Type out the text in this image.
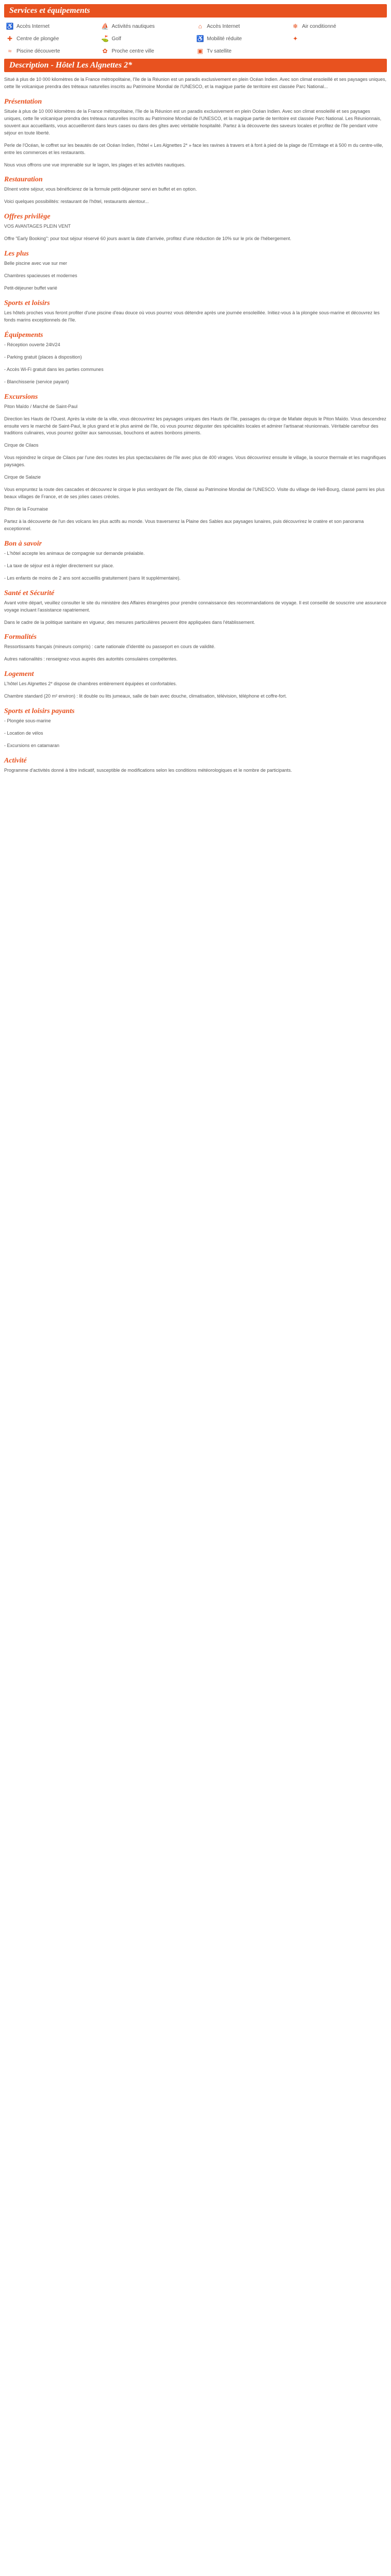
Services et équipements
♿ Accès Internet	⛵ Activités nautiques	⌂ Accès Internet	❄ Air conditionné
✚ Centre de plongée	⛳ Golf	♿ Mobilité réduite	✦
≈ Piscine découverte	✿ Proche centre ville	▣ Tv satellite
Description - Hôtel Les Algnettes 2*

Situé à plus de 10 000 kilomètres de la France métropolitaine, l'île de la Réunion est un paradis exclusivement en plein Océan Indien. Avec son climat ensoleillé et ses paysages uniques, cette île volcanique prendra des tréteaux naturelles inscrits au Patrimoine Mondial de l'UNESCO, et la magique partie de territoire est classée Parc National...

Présentation

Située à plus de 10 000 kilomètres de la France métropolitaine, l'île de la Réunion est un paradis exclusivement en plein Océan Indien. Avec son climat ensoleillé et ses paysages uniques, cette île volcanique prendra des tréteaux naturelles inscrits au Patrimoine Mondial de l'UNESCO, et la magique partie de territoire est classée Parc National. Les Réunionnais, souvent aux accueillants, vous accueilleront dans leurs cases ou dans des gîtes avec véritable hospitalité. Partez à la découverte des saveurs locales et profitez de l'île pendant votre séjour en toute liberté.

Perle de l'Océan, le coffret sur les beautés de cet Océan Indien, l'hôtel « Les Algnettes 2* » face les ravines à travers et à font à pied de la plage de l'Ermitage et à 500 m du centre-ville, entre les commerces et les restaurants.

Nous vous offrons une vue imprenable sur le lagon, les plages et les activités nautiques.

Restauration

Dînent votre séjour, vous bénéficierez de la formule petit-déjeuner servi en buffet et en option.

Voici quelques possibilités: restaurant de l'hôtel, restaurants alentour...

Offres privilège

VOS AVANTAGES PLEIN VENT

Offre "Early Booking": pour tout séjour réservé 60 jours avant la date d'arrivée, profitez d'une réduction de 10% sur le prix de l'hébergement.

Les plus

Belle piscine avec vue sur mer

Chambres spacieuses et modernes

Petit-déjeuner buffet varié

Sports et loisirs

Les hôtels proches vous feront profiter d'une piscine d'eau douce où vous pourrez vous détendre après une journée ensoleillée. Initiez-vous à la plongée sous-marine et découvrez les fonds marins exceptionnels de l'île.

Équipements

- Réception ouverte 24h/24

- Parking gratuit (places à disposition)

- Accès Wi-Fi gratuit dans les parties communes

- Blanchisserie (service payant)

Excursions

Piton Maïdo / Marché de Saint-Paul

Direction les Hauts de l'Ouest. Après la visite de la ville, vous découvrirez les paysages uniques des Hauts de l'île, passages du cirque de Mafate depuis le Piton Maïdo. Vous descendrez ensuite vers le marché de Saint-Paul, le plus grand et le plus animé de l'île, où vous pourrez déguster des spécialités locales et admirer l'artisanat réunionnais. Véritable carrefour des traditions culinaires, vous pourrez goûter aux samoussas, bouchons et autres bonbons piments.

Cirque de Cilaos

Vous rejoindrez le cirque de Cilaos par l'une des routes les plus spectaculaires de l'île avec plus de 400 virages. Vous découvrirez ensuite le village, la source thermale et les magnifiques paysages.

Cirque de Salazie

Vous empruntez la route des cascades et découvrez le cirque le plus verdoyant de l'île, classé au Patrimoine Mondial de l'UNESCO. Visite du village de Hell-Bourg, classé parmi les plus beaux villages de France, et de ses jolies cases créoles.

Piton de la Fournaise

Partez à la découverte de l'un des volcans les plus actifs au monde. Vous traverserez la Plaine des Sables aux paysages lunaires, puis découvrirez le cratère et son panorama exceptionnel.

Bon à savoir

- L'hôtel accepte les animaux de compagnie sur demande préalable.

- La taxe de séjour est à régler directement sur place.

- Les enfants de moins de 2 ans sont accueillis gratuitement (sans lit supplémentaire).

Santé et Sécurité

Avant votre départ, veuillez consulter le site du ministère des Affaires étrangères pour prendre connaissance des recommandations de voyage. Il est conseillé de souscrire une assurance voyage incluant l'assistance rapatriement.

Dans le cadre de la politique sanitaire en vigueur, des mesures particulières peuvent être appliquées dans l'établissement.

Formalités

Ressortissants français (mineurs compris) : carte nationale d'identité ou passeport en cours de validité.

Autres nationalités : renseignez-vous auprès des autorités consulaires compétentes.

Logement

L'hôtel Les Algnettes 2* dispose de chambres entièrement équipées et confortables.

Chambre standard (20 m² environ) : lit double ou lits jumeaux, salle de bain avec douche, climatisation, télévision, téléphone et coffre-fort.

Sports et loisirs payants

- Plongée sous-marine

- Location de vélos

- Excursions en catamaran

Activité

Programme d'activités donné à titre indicatif, susceptible de modifications selon les conditions météorologiques et le nombre de participants.
